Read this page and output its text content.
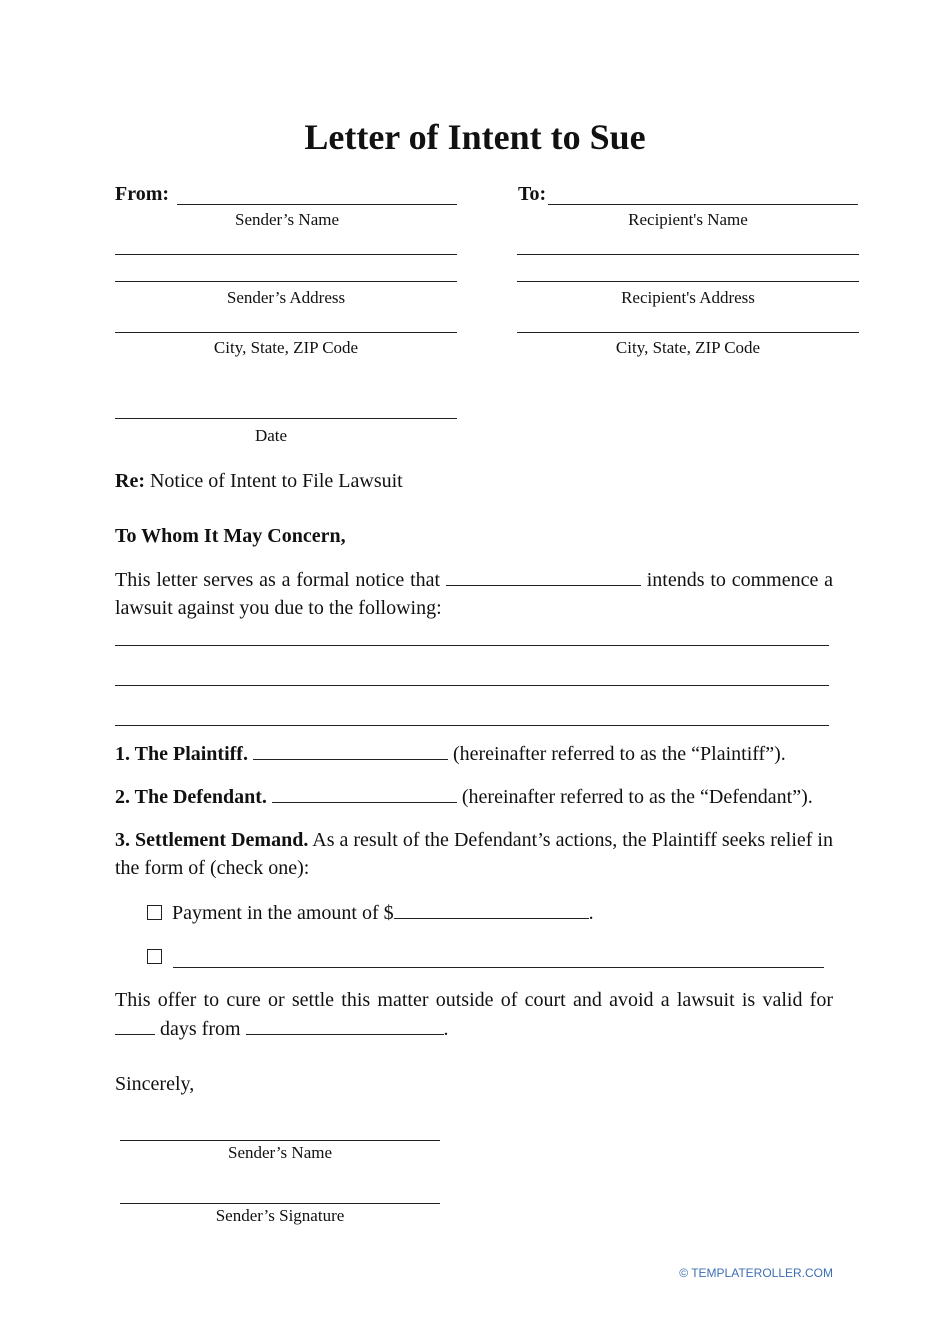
Letter of Intent to Sue
From:
Sender’s Name
Sender’s Address
City, State, ZIP Code
Date
To:
Recipient's Name
Recipient's Address
City, State, ZIP Code
Re: Notice of Intent to File Lawsuit
To Whom It May Concern,
This letter serves as a formal notice that	intends to commence a lawsuit against you due to the following:
1. The Plaintiff.	(hereinafter referred to as the “Plaintiff”).
2. The Defendant.	(hereinafter referred to as the “Defendant”).
3. Settlement Demand. As a result of the Defendant’s actions, the Plaintiff seeks relief in the form of (check one):
Payment in the amount of $	.
This offer to cure or settle this matter outside of court and avoid a lawsuit is valid for  days from	.
Sincerely,
Sender’s Name
Sender’s Signature
© TEMPLATEROLLER.COM
